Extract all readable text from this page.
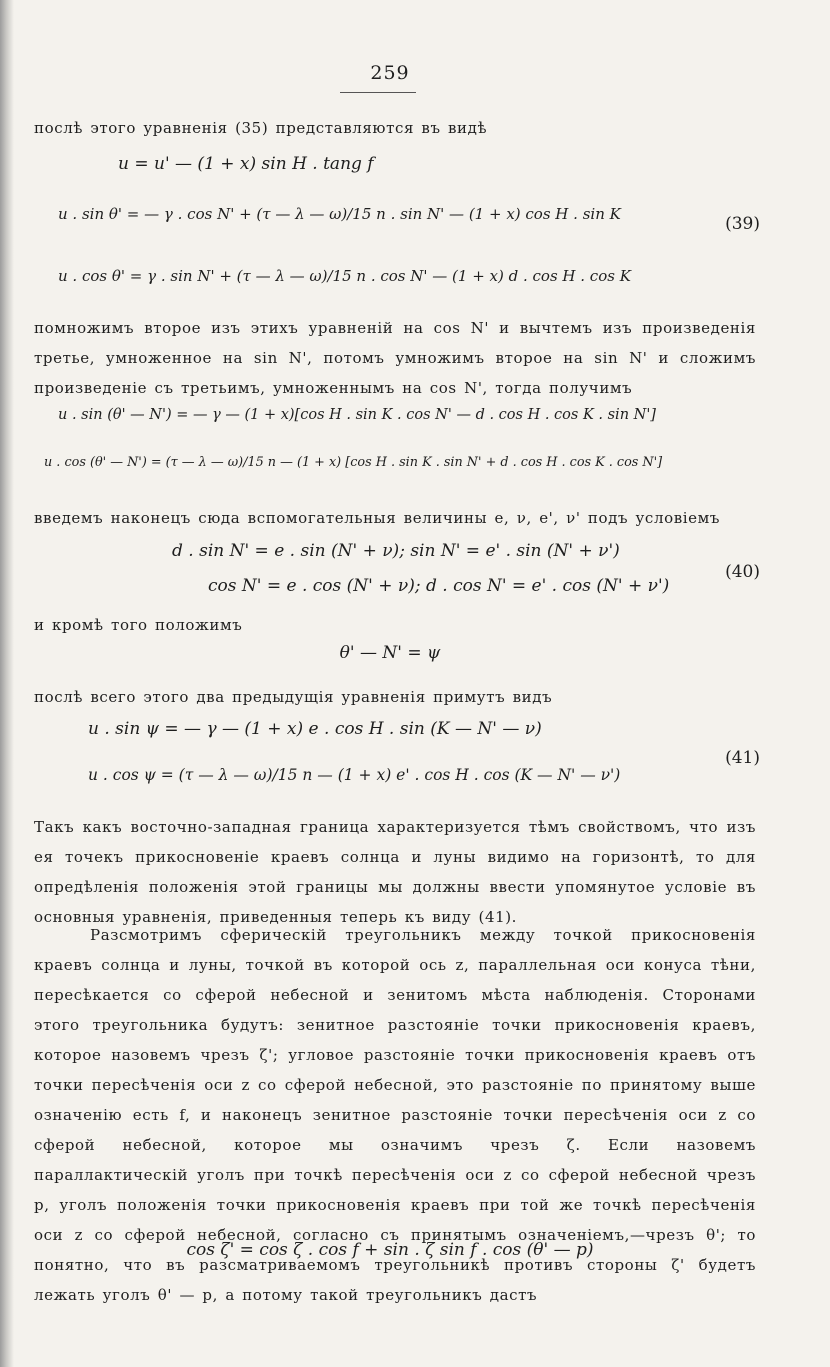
259
послѣ этого уравненія (35) представляются въ видѣ
u = u' — (1 + x) sin H . tang f
u . sin θ' = — γ . cos N' + (τ — λ — ω)/15 n . sin N' — (1 + x) cos H . sin K	(39)
u . cos θ' = γ . sin N' + (τ — λ — ω)/15 n . cos N' — (1 + x) d . cos H . cos K
помножимъ второе изъ этихъ уравненій на cos N' и вычтемъ изъ произведенія третье, умноженное на sin N', потомъ умножимъ второе на sin N' и сложимъ произведеніе съ третьимъ, умноженнымъ на cos N', тогда получимъ
u . sin (θ' — N') = — γ — (1 + x)[cos H . sin K . cos N' — d . cos H . cos K . sin N']
u . cos (θ' — N') = (τ — λ — ω)/15 n — (1 + x) [cos H . sin K . sin N' + d . cos H . cos K . cos N']
введемъ наконецъ сюда вспомогательныя величины e, ν, e', ν' подъ условіемъ
d . sin N' = e . sin (N' + ν); sin N' = e' . sin (N' + ν')
(40)
cos N' = e . cos (N' + ν); d . cos N' = e' . cos (N' + ν')
и кромѣ того положимъ
θ' — N' = ψ
послѣ всего этого два предыдущія уравненія примутъ видъ
u . sin ψ = — γ — (1 + x) e . cos H . sin (K — N' — ν)
(41)
u . cos ψ = (τ — λ — ω)/15 n — (1 + x) e' . cos H . cos (K — N' — ν')
Такъ какъ восточно-западная граница характеризуется тѣмъ свойствомъ, что изъ ея точекъ прикосновеніе краевъ солнца и луны видимо на горизонтѣ, то для опредѣленія положенія этой границы мы должны ввести упомянутое условіе въ основныя уравненія, приведенныя теперь къ виду (41).
Разсмотримъ сферическій треугольникъ между точкой прикосновенія краевъ солнца и луны, точкой въ которой ось z, параллельная оси конуса тѣни, пересѣкается со сферой небесной и зенитомъ мѣста наблюденія. Сторонами этого треугольника будутъ: зенитное разстояніе точки прикосновенія краевъ, которое назовемъ чрезъ ζ'; угловое разстояніе точки прикосновенія краевъ отъ точки пересѣченія оси z со сферой небесной, это разстояніе по принятому выше означенію есть f, и наконецъ зенитное разстояніе точки пересѣченія оси z со сферой небесной, которое мы означимъ чрезъ ζ. Если назовемъ параллактическій уголъ при точкѣ пересѣченія оси z со сферой небесной чрезъ p, уголъ положенія точки прикосновенія краевъ при той же точкѣ пересѣченія оси z со сферой небесной, согласно съ принятымъ означеніемъ,—чрезъ θ'; то понятно, что въ разсматриваемомъ треугольникѣ противъ стороны ζ' будетъ лежать уголъ θ' — p, а потому такой треугольникъ дастъ
cos ζ' = cos ζ . cos f + sin . ζ sin f . cos (θ' — p)
